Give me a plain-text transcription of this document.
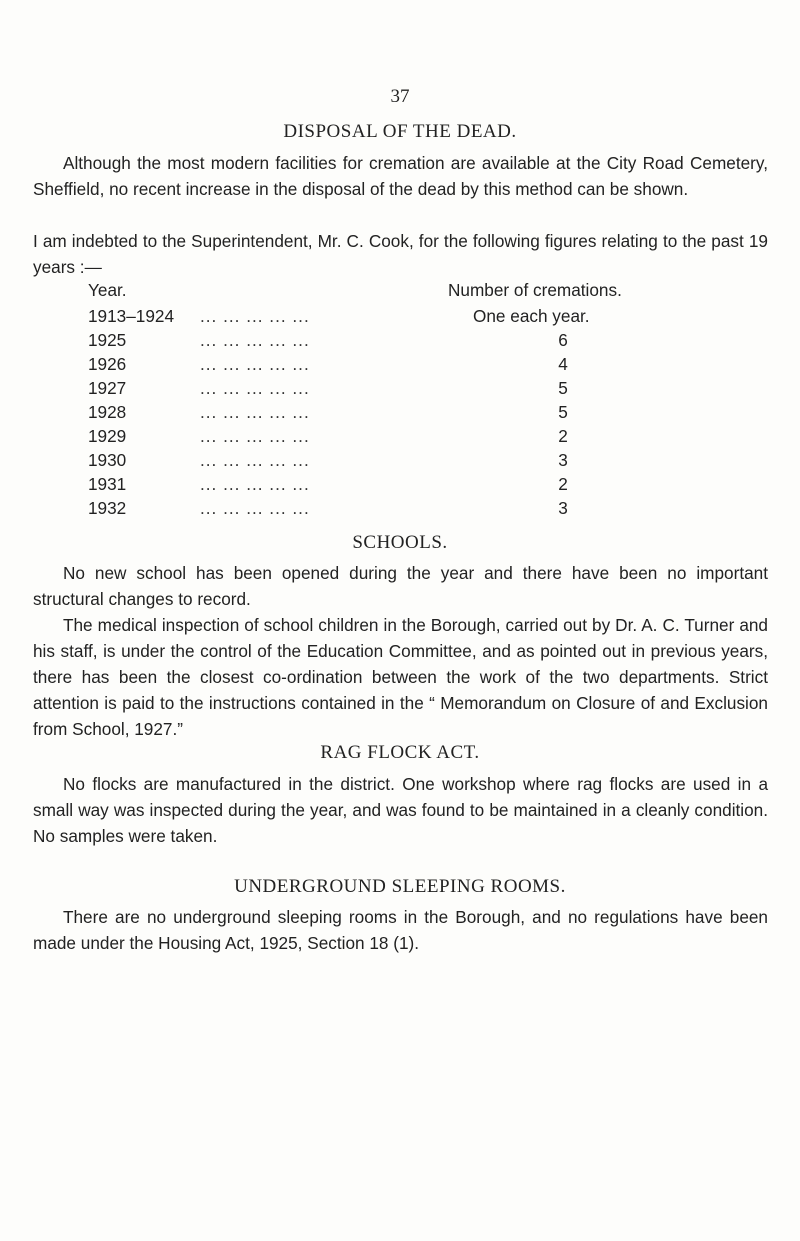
37
DISPOSAL OF THE DEAD.

Although the most modern facilities for cremation are available at the City Road Cemetery, Sheffield, no recent increase in the disposal of the dead by this method can be shown.

I am indebted to the Superintendent, Mr. C. Cook, for the following figures relating to the past 19 years :—

Year.	Number of cremations.
1913–1924 ... ... ... ... ...	One each year.
1925	... ... ... ... ...	6
1926	... ... ... ... ...	4
1927	... ... ... ... ...	5
1928	... ... ... ... ...	5
1929	... ... ... ... ...	2
1930	... ... ... ... ...	3
1931	... ... ... ... ...	2
1932	... ... ... ... ...	3
SCHOOLS.

No new school has been opened during the year and there have been no important structural changes to record.

The medical inspection of school children in the Borough, carried out by Dr. A. C. Turner and his staff, is under the control of the Education Committee, and as pointed out in previous years, there has been the closest co-ordination between the work of the two departments. Strict attention is paid to the instructions contained in the “ Memorandum on Closure of and Exclusion from School, 1927.”

RAG FLOCK ACT.

No flocks are manufactured in the district. One workshop where rag flocks are used in a small way was inspected during the year, and was found to be maintained in a cleanly condition. No samples were taken.

UNDERGROUND SLEEPING ROOMS.

There are no underground sleeping rooms in the Borough, and no regulations have been made under the Housing Act, 1925, Section 18 (1).
